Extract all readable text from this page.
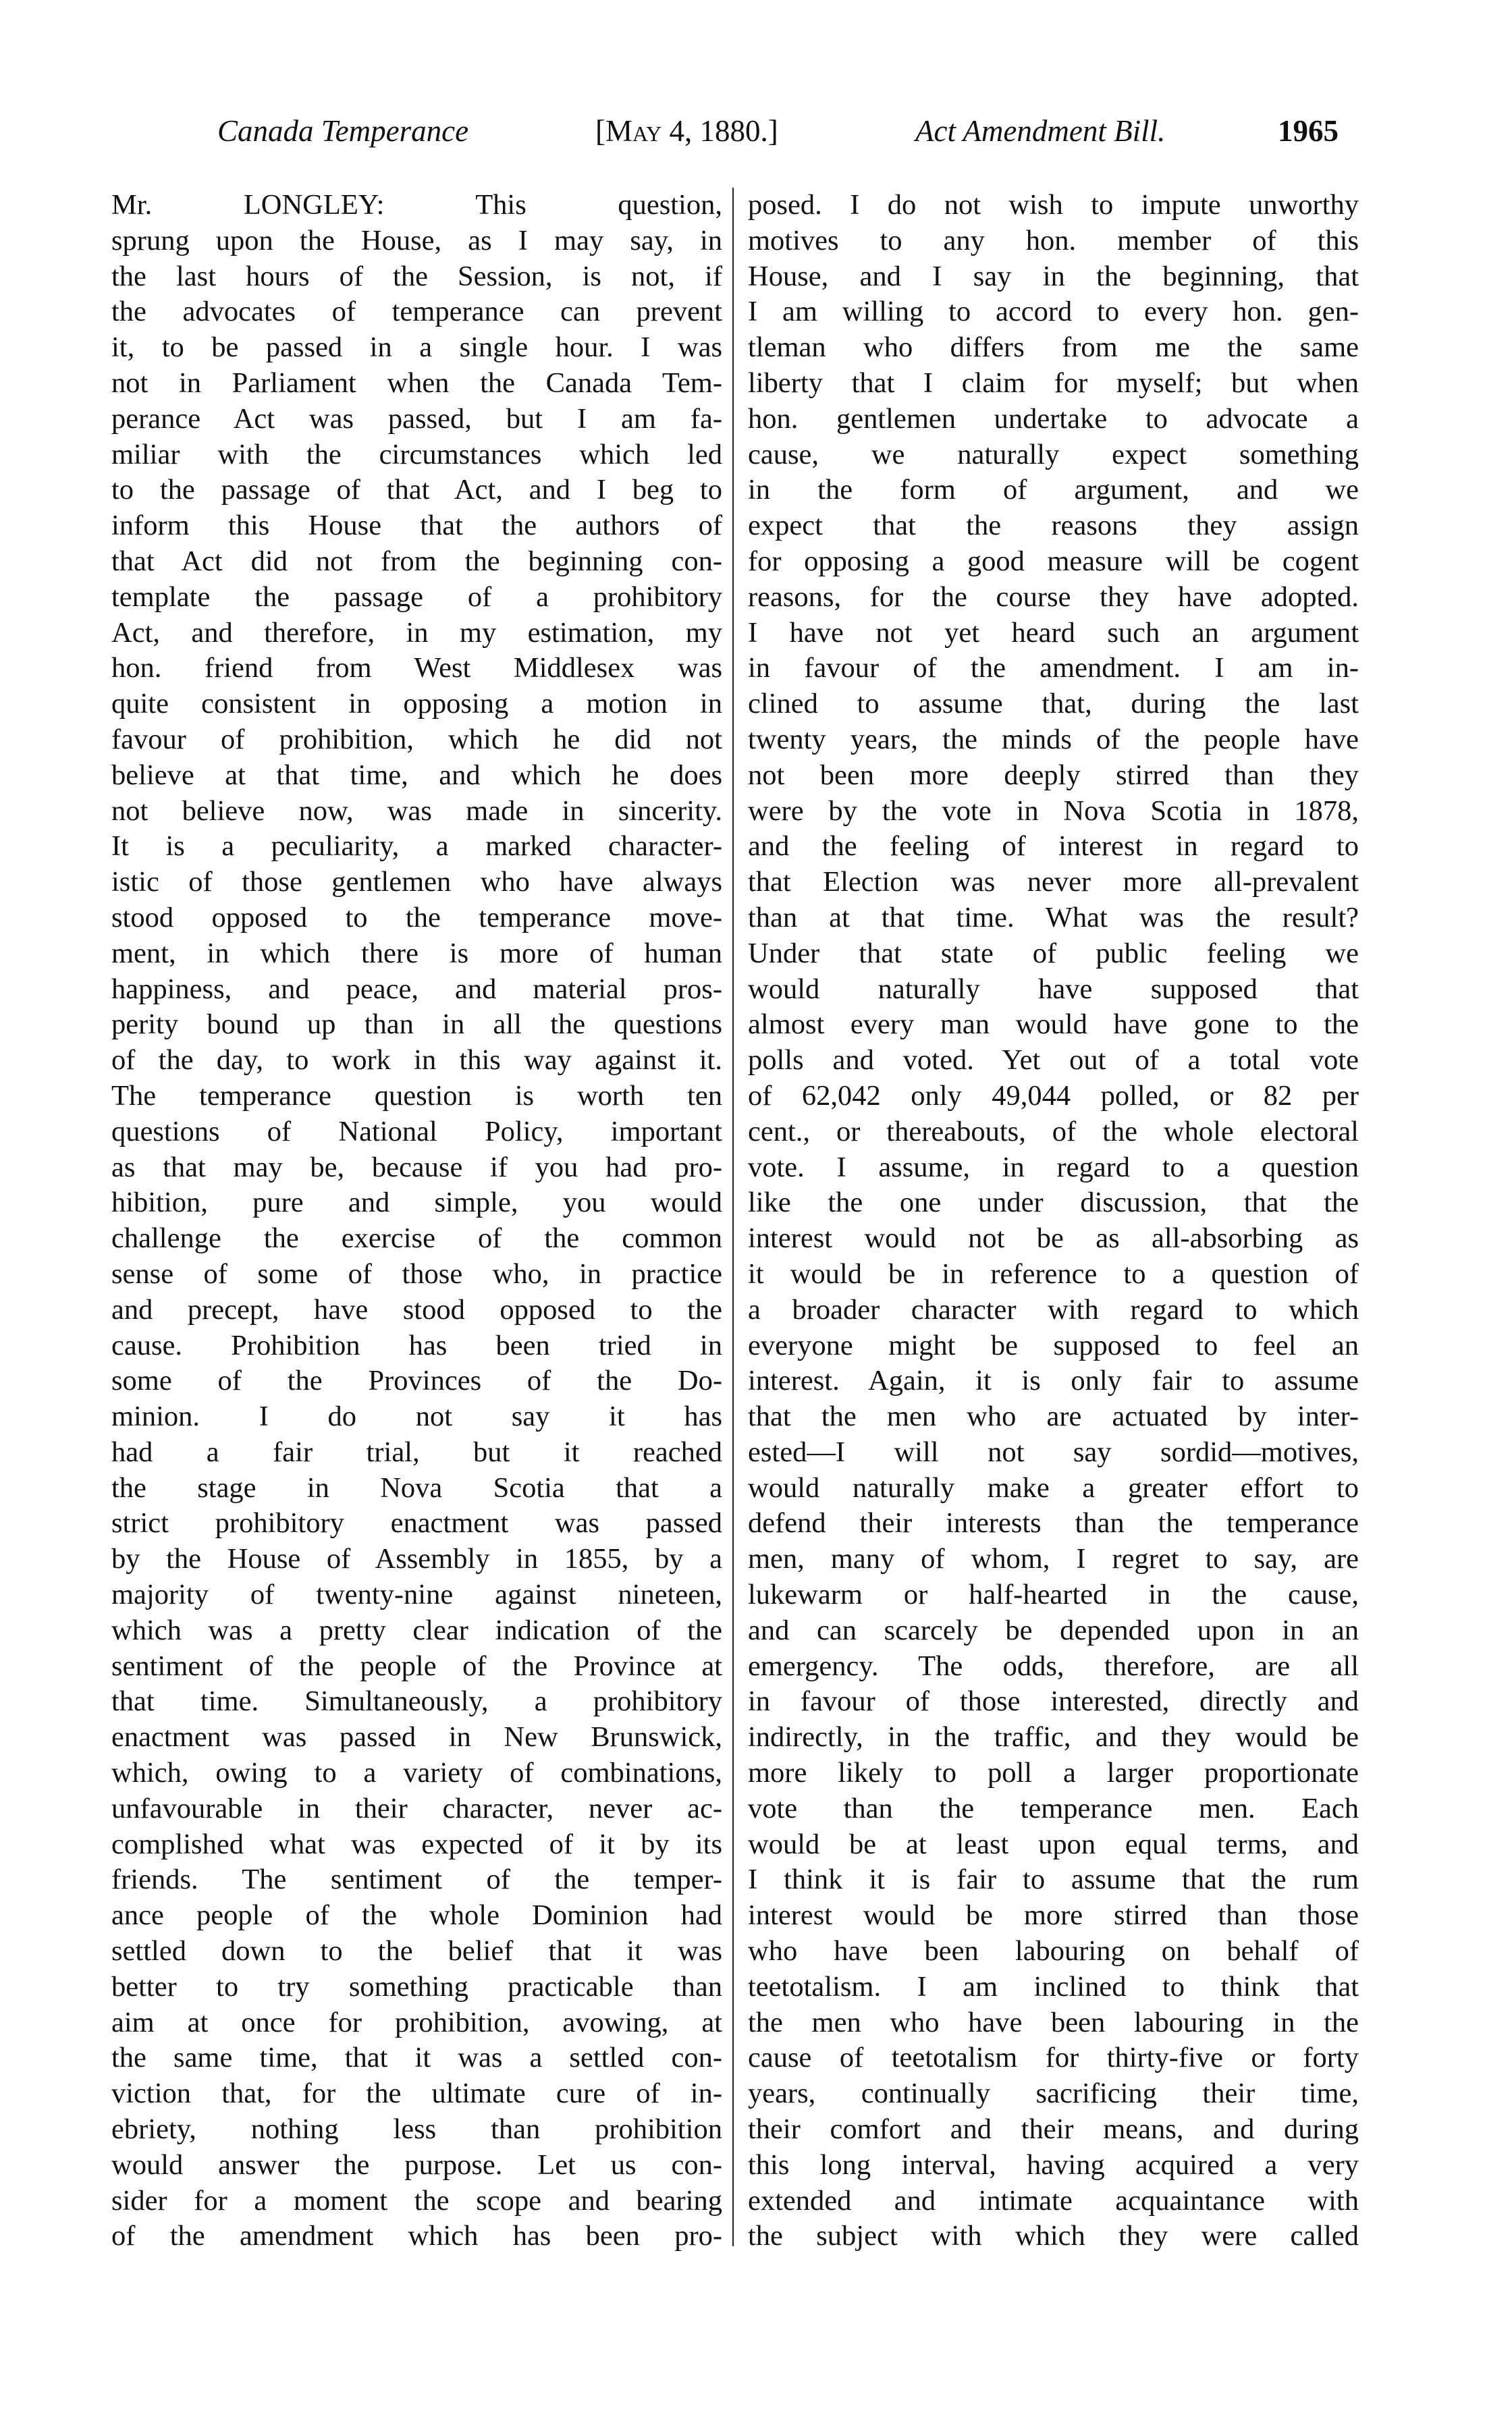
Canada Temperance	[May 4, 1880.]	Act Amendment Bill.	1965
Mr. LONGLEY: This question,
sprung upon the House, as I may say, in
the last hours of the Session, is not, if
the advocates of temperance can prevent
it, to be passed in a single hour. I was
not in Parliament when the Canada Tem-
perance Act was passed, but I am fa-
miliar with the circumstances which led
to the passage of that Act, and I beg to
inform this House that the authors of
that Act did not from the beginning con-
template the passage of a prohibitory
Act, and therefore, in my estimation, my
hon. friend from West Middlesex was
quite consistent in opposing a motion in
favour of prohibition, which he did not
believe at that time, and which he does
not believe now, was made in sincerity.
It is a peculiarity, a marked character-
istic of those gentlemen who have always
stood opposed to the temperance move-
ment, in which there is more of human
happiness, and peace, and material pros-
perity bound up than in all the questions
of the day, to work in this way against it.
The temperance question is worth ten
questions of National Policy, important
as that may be, because if you had pro-
hibition, pure and simple, you would
challenge the exercise of the common
sense of some of those who, in practice
and precept, have stood opposed to the
cause. Prohibition has been tried in
some of the Provinces of the Do-
minion. I do not say it has
had a fair trial, but it reached
the stage in Nova Scotia that a
strict prohibitory enactment was passed
by the House of Assembly in 1855, by a
majority of twenty-nine against nineteen,
which was a pretty clear indication of the
sentiment of the people of the Province at
that time. Simultaneously, a prohibitory
enactment was passed in New Brunswick,
which, owing to a variety of combinations,
unfavourable in their character, never ac-
complished what was expected of it by its
friends. The sentiment of the temper-
ance people of the whole Dominion had
settled down to the belief that it was
better to try something practicable than
aim at once for prohibition, avowing, at
the same time, that it was a settled con-
viction that, for the ultimate cure of in-
ebriety, nothing less than prohibition
would answer the purpose. Let us con-
sider for a moment the scope and bearing
of the amendment which has been pro-
posed. I do not wish to impute unworthy
motives to any hon. member of this
House, and I say in the beginning, that
I am willing to accord to every hon. gen-
tleman who differs from me the same
liberty that I claim for myself; but when
hon. gentlemen undertake to advocate a
cause, we naturally expect something
in the form of argument, and we
expect that the reasons they assign
for opposing a good measure will be cogent
reasons, for the course they have adopted.
I have not yet heard such an argument
in favour of the amendment. I am in-
clined to assume that, during the last
twenty years, the minds of the people have
not been more deeply stirred than they
were by the vote in Nova Scotia in 1878,
and the feeling of interest in regard to
that Election was never more all-prevalent
than at that time. What was the result?
Under that state of public feeling we
would naturally have supposed that
almost every man would have gone to the
polls and voted. Yet out of a total vote
of 62,042 only 49,044 polled, or 82 per
cent., or thereabouts, of the whole electoral
vote. I assume, in regard to a question
like the one under discussion, that the
interest would not be as all-absorbing as
it would be in reference to a question of
a broader character with regard to which
everyone might be supposed to feel an
interest. Again, it is only fair to assume
that the men who are actuated by inter-
ested—I will not say sordid—motives,
would naturally make a greater effort to
defend their interests than the temperance
men, many of whom, I regret to say, are
lukewarm or half-hearted in the cause,
and can scarcely be depended upon in an
emergency. The odds, therefore, are all
in favour of those interested, directly and
indirectly, in the traffic, and they would be
more likely to poll a larger proportionate
vote than the temperance men. Each
would be at least upon equal terms, and
I think it is fair to assume that the rum
interest would be more stirred than those
who have been labouring on behalf of
teetotalism. I am inclined to think that
the men who have been labouring in the
cause of teetotalism for thirty-five or forty
years, continually sacrificing their time,
their comfort and their means, and during
this long interval, having acquired a very
extended and intimate acquaintance with
the subject with which they were called
